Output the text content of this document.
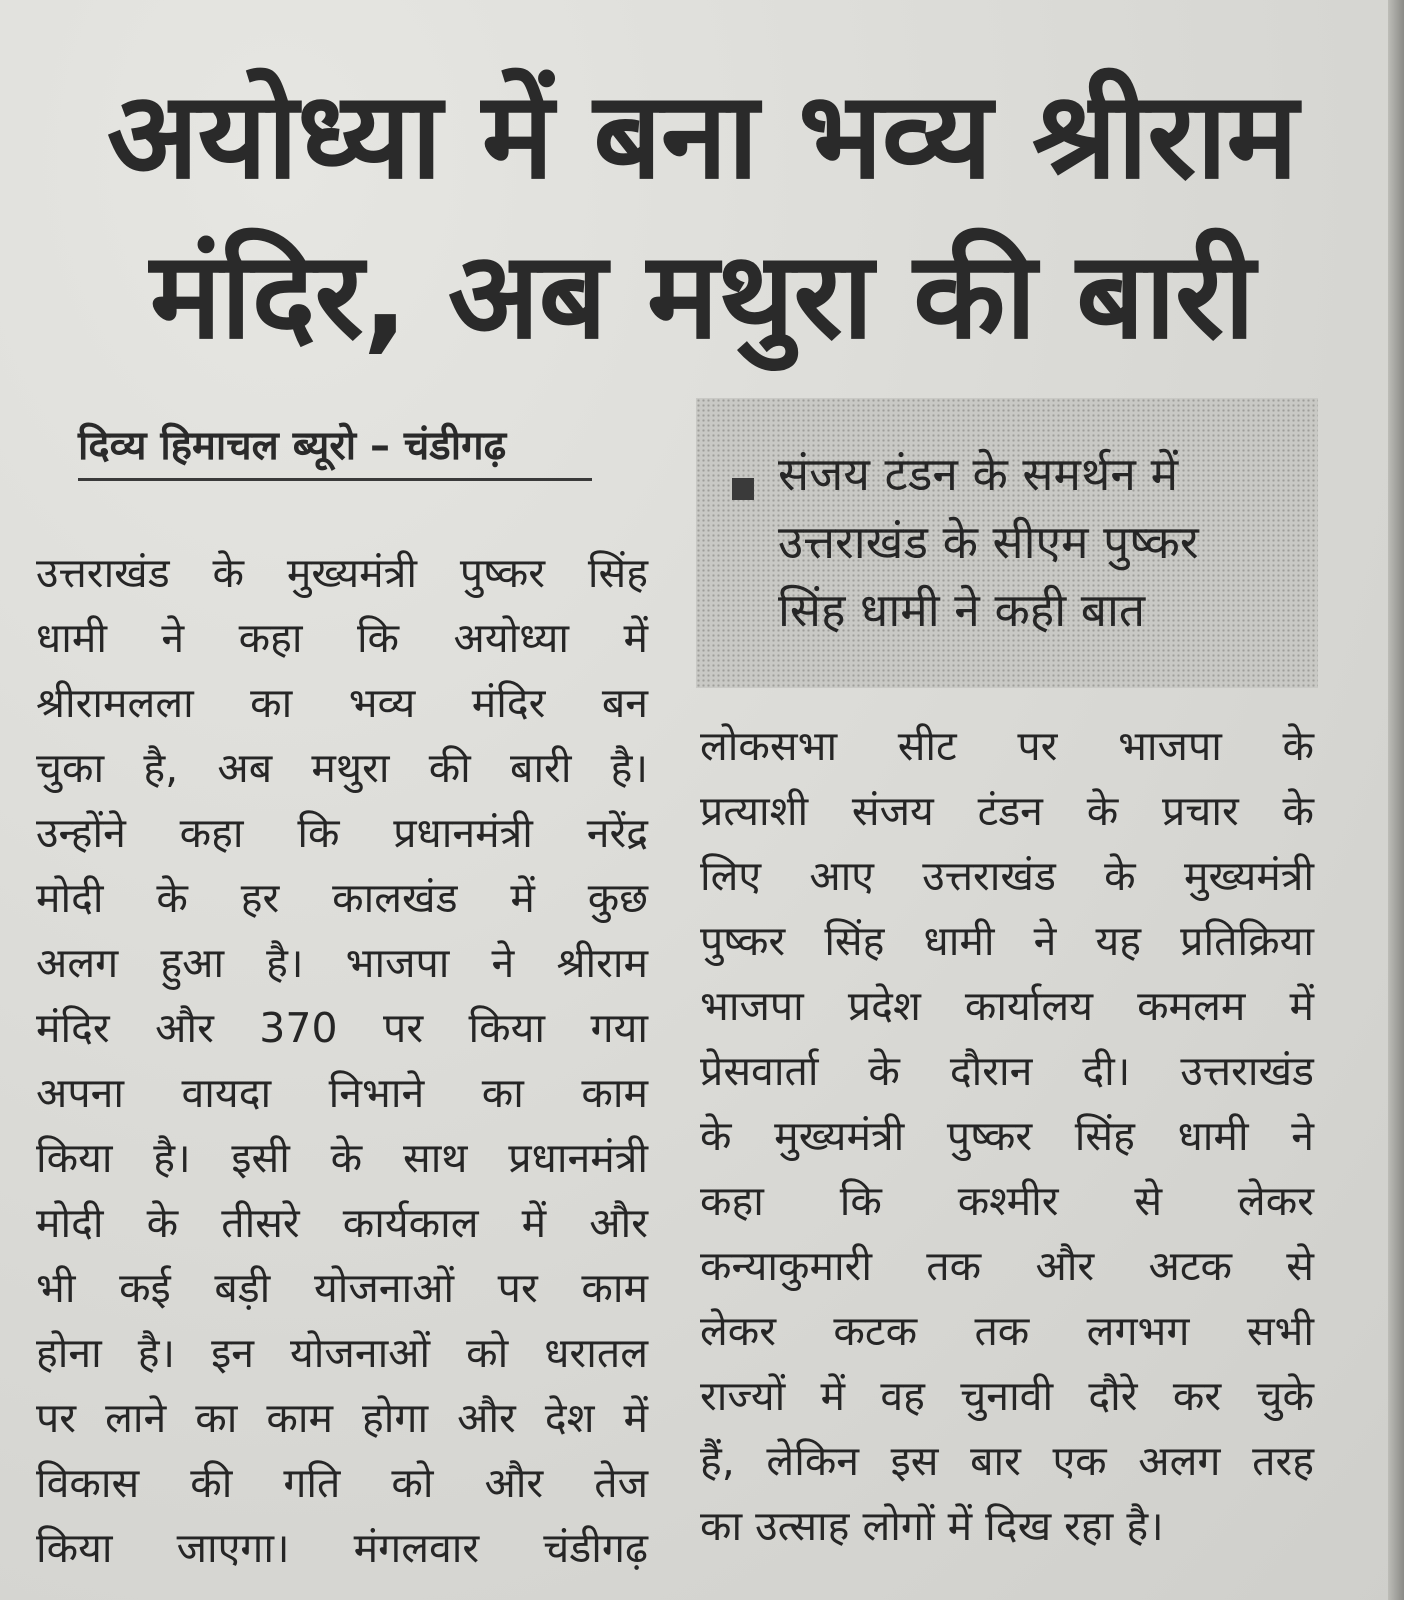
अयोध्या में बना भव्य श्रीराम
मंदिर, अब मथुरा की बारी
दिव्य हिमाचल ब्यूरो – चंडीगढ़
संजय टंडन के समर्थन में
उत्तराखंड के सीएम पुष्कर
सिंह धामी ने कही बात
उत्तराखंड के मुख्यमंत्री पुष्कर सिंह
धामी ने कहा कि अयोध्या में
श्रीरामलला का भव्य मंदिर बन
चुका है, अब मथुरा की बारी है।
उन्होंने कहा कि प्रधानमंत्री नरेंद्र
मोदी के हर कालखंड में कुछ
अलग हुआ है। भाजपा ने श्रीराम
मंदिर और 370 पर किया गया
अपना वायदा निभाने का काम
किया है। इसी के साथ प्रधानमंत्री
मोदी के तीसरे कार्यकाल में और
भी कई बड़ी योजनाओं पर काम
होना है। इन योजनाओं को धरातल
पर लाने का काम होगा और देश में
विकास की गति को और तेज
किया जाएगा। मंगलवार चंडीगढ़
लोकसभा सीट पर भाजपा के
प्रत्याशी संजय टंडन के प्रचार के
लिए आए उत्तराखंड के मुख्यमंत्री
पुष्कर सिंह धामी ने यह प्रतिक्रिया
भाजपा प्रदेश कार्यालय कमलम में
प्रेसवार्ता के दौरान दी। उत्तराखंड
के मुख्यमंत्री पुष्कर सिंह धामी ने
कहा कि कश्मीर से लेकर
कन्याकुमारी तक और अटक से
लेकर कटक तक लगभग सभी
राज्यों में वह चुनावी दौरे कर चुके
हैं, लेकिन इस बार एक अलग तरह
का उत्साह लोगों में दिख रहा है।
